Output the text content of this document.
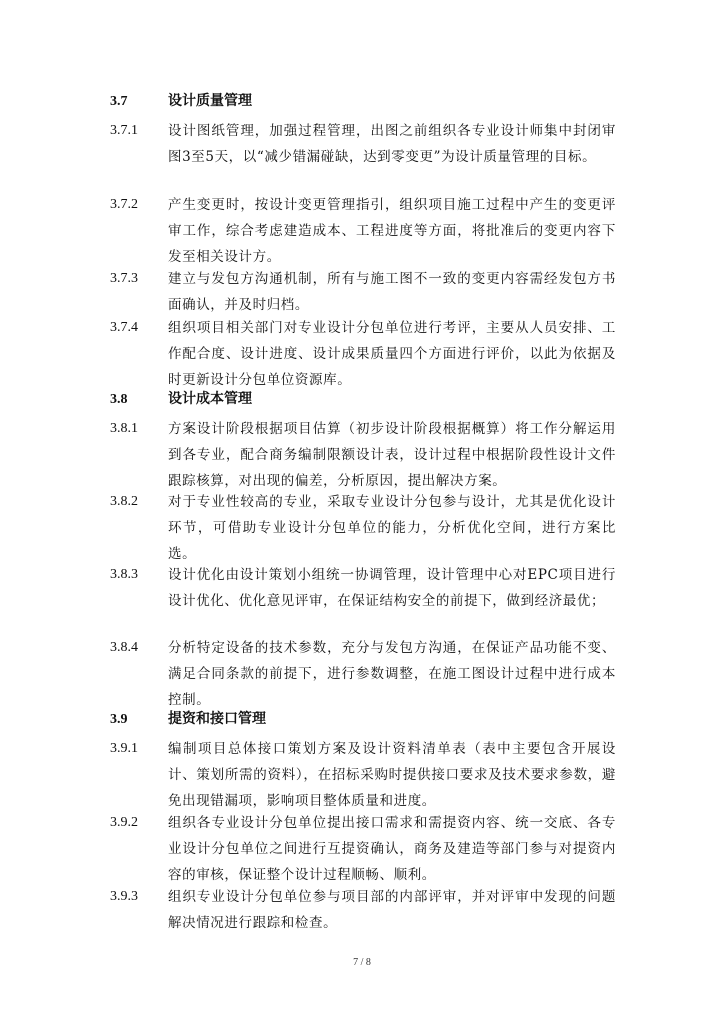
3.7	设计质量管理
3.7.1	设计图纸管理，加强过程管理，出图之前组织各专业设计师集中封闭审图3至5天，以“减少错漏碰缺，达到零变更”为设计质量管理的目标。
3.7.2	产生变更时，按设计变更管理指引，组织项目施工过程中产生的变更评审工作，综合考虑建造成本、工程进度等方面，将批准后的变更内容下发至相关设计方。
3.7.3	建立与发包方沟通机制，所有与施工图不一致的变更内容需经发包方书面确认，并及时归档。
3.7.4	组织项目相关部门对专业设计分包单位进行考评，主要从人员安排、工作配合度、设计进度、设计成果质量四个方面进行评价，以此为依据及时更新设计分包单位资源库。
3.8	设计成本管理
3.8.1	方案设计阶段根据项目估算（初步设计阶段根据概算）将工作分解运用到各专业，配合商务编制限额设计表，设计过程中根据阶段性设计文件跟踪核算，对出现的偏差，分析原因，提出解决方案。
3.8.2	对于专业性较高的专业，采取专业设计分包参与设计，尤其是优化设计环节，可借助专业设计分包单位的能力，分析优化空间，进行方案比选。
3.8.3	设计优化由设计策划小组统一协调管理，设计管理中心对EPC项目进行设计优化、优化意见评审，在保证结构安全的前提下，做到经济最优；
3.8.4	分析特定设备的技术参数，充分与发包方沟通，在保证产品功能不变、满足合同条款的前提下，进行参数调整，在施工图设计过程中进行成本控制。
3.9	提资和接口管理
3.9.1	编制项目总体接口策划方案及设计资料清单表（表中主要包含开展设计、策划所需的资料），在招标采购时提供接口要求及技术要求参数，避免出现错漏项，影响项目整体质量和进度。
3.9.2	组织各专业设计分包单位提出接口需求和需提资内容、统一交底、各专业设计分包单位之间进行互提资确认，商务及建造等部门参与对提资内容的审核，保证整个设计过程顺畅、顺利。
3.9.3	组织专业设计分包单位参与项目部的内部评审，并对评审中发现的问题解决情况进行跟踪和检查。
7 / 8
